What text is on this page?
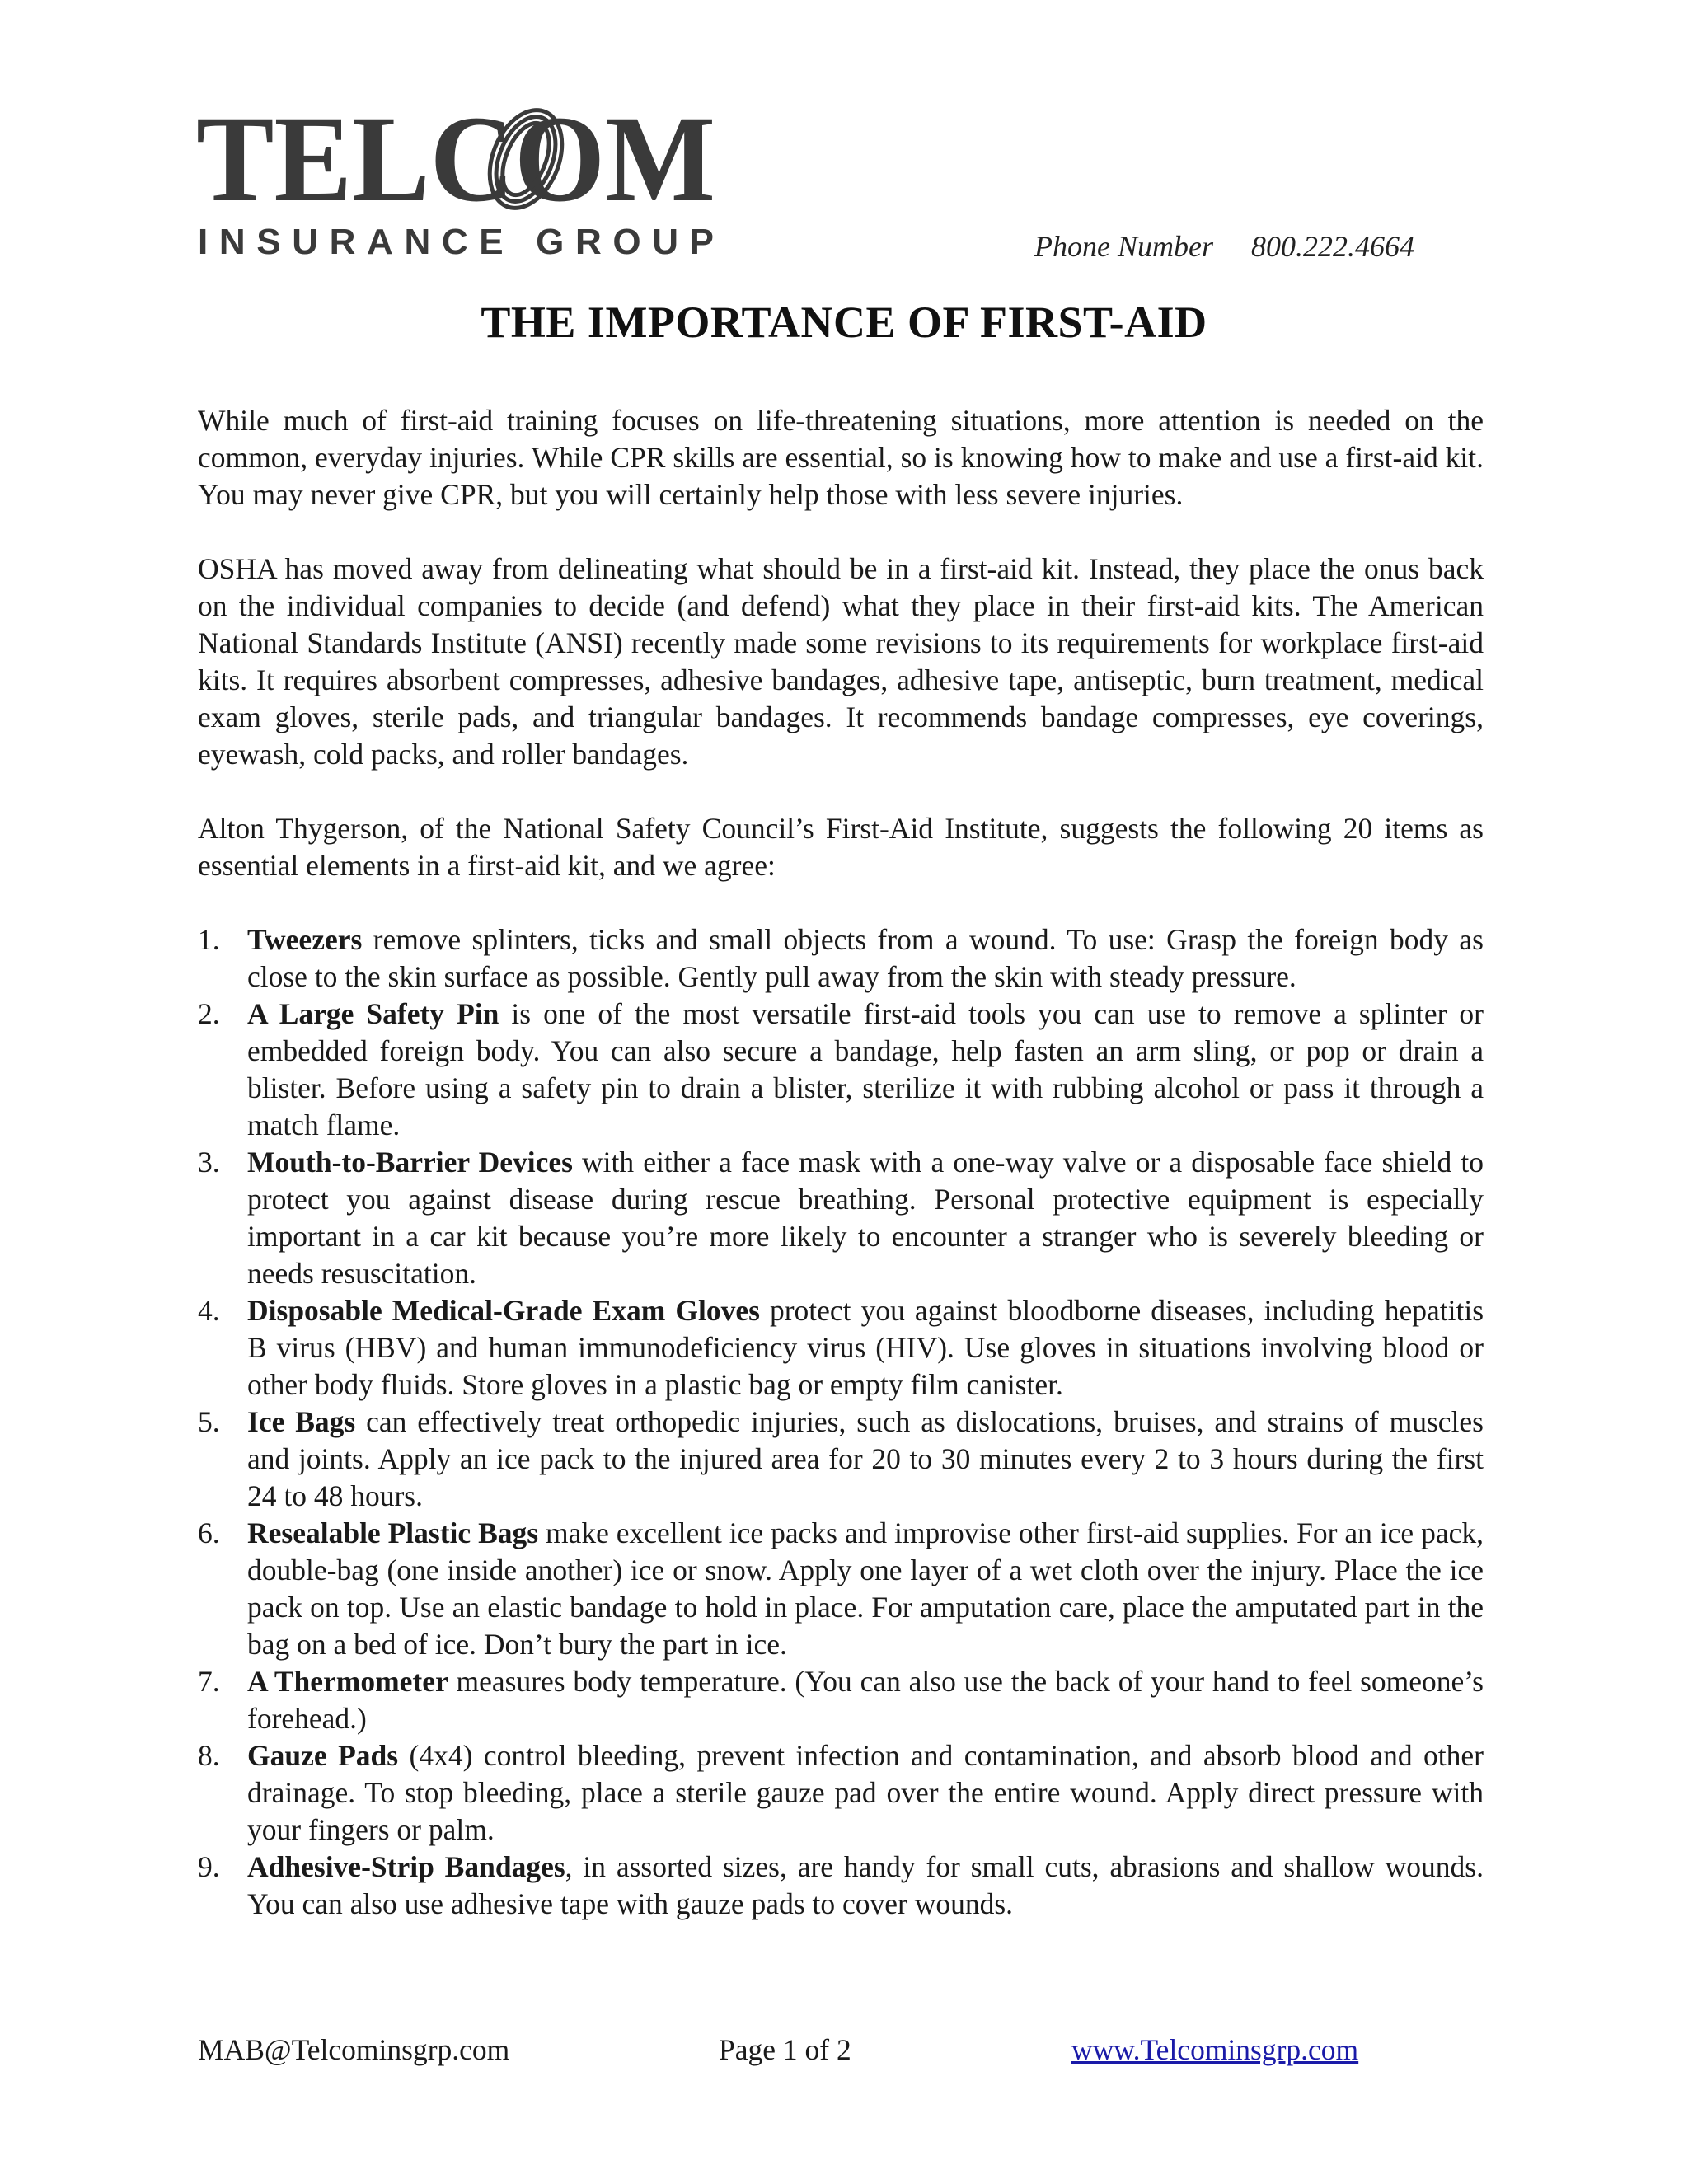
TELCOM
INSURANCE GROUP	Phone Number 800.222.4664
THE IMPORTANCE OF FIRST-AID

While much of first-aid training focuses on life-threatening situations, more attention is needed on the common, everyday injuries. While CPR skills are essential, so is knowing how to make and use a first-aid kit. You may never give CPR, but you will certainly help those with less severe injuries.

OSHA has moved away from delineating what should be in a first-aid kit. Instead, they place the onus back on the individual companies to decide (and defend) what they place in their first-aid kits. The American National Standards Institute (ANSI) recently made some revisions to its requirements for workplace first-aid kits. It requires absorbent compresses, adhesive bandages, adhesive tape, antiseptic, burn treatment, medical exam gloves, sterile pads, and triangular bandages. It recommends bandage compresses, eye coverings, eyewash, cold packs, and roller bandages.

Alton Thygerson, of the National Safety Council’s First-Aid Institute, suggests the following 20 items as essential elements in a first-aid kit, and we agree:

1. Tweezers remove splinters, ticks and small objects from a wound. To use: Grasp the foreign body as close to the skin surface as possible. Gently pull away from the skin with steady pressure.
2. A Large Safety Pin is one of the most versatile first-aid tools you can use to remove a splinter or embedded foreign body. You can also secure a bandage, help fasten an arm sling, or pop or drain a blister. Before using a safety pin to drain a blister, sterilize it with rubbing alcohol or pass it through a match flame.
3. Mouth-to-Barrier Devices with either a face mask with a one-way valve or a disposable face shield to protect you against disease during rescue breathing. Personal protective equipment is especially important in a car kit because you’re more likely to encounter a stranger who is severely bleeding or needs resuscitation.
4. Disposable Medical-Grade Exam Gloves protect you against bloodborne diseases, including hepatitis B virus (HBV) and human immunodeficiency virus (HIV). Use gloves in situations involving blood or other body fluids. Store gloves in a plastic bag or empty film canister.
5. Ice Bags can effectively treat orthopedic injuries, such as dislocations, bruises, and strains of muscles and joints. Apply an ice pack to the injured area for 20 to 30 minutes every 2 to 3 hours during the first 24 to 48 hours.
6. Resealable Plastic Bags make excellent ice packs and improvise other first-aid supplies. For an ice pack, double-bag (one inside another) ice or snow. Apply one layer of a wet cloth over the injury. Place the ice pack on top. Use an elastic bandage to hold in place. For amputation care, place the amputated part in the bag on a bed of ice. Don’t bury the part in ice.
7. A Thermometer measures body temperature. (You can also use the back of your hand to feel someone’s forehead.)
8. Gauze Pads (4x4) control bleeding, prevent infection and contamination, and absorb blood and other drainage. To stop bleeding, place a sterile gauze pad over the entire wound. Apply direct pressure with your fingers or palm.
9. Adhesive-Strip Bandages, in assorted sizes, are handy for small cuts, abrasions and shallow wounds. You can also use adhesive tape with gauze pads to cover wounds.
MAB@Telcominsgrp.com	Page 1 of 2	www.Telcominsgrp.com
